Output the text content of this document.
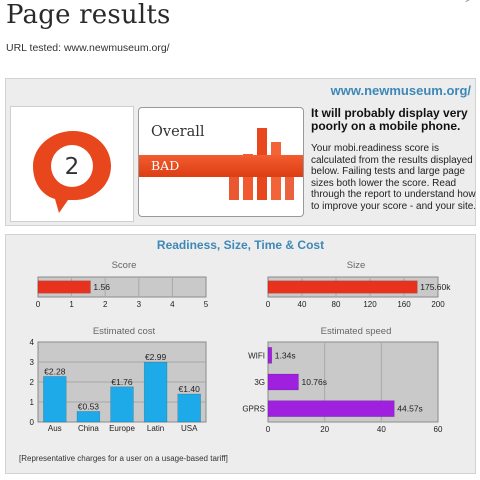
Page results
URL tested: www.newmuseum.org/
www.newmuseum.org/
2
Overall
BAD
It will probably display very poorly on a mobile phone.
Your mobi.readiness score is calculated from the results displayed below. Failing tests and large page sizes both lower the score. Read through the report to understand how to improve your score - and your site.
Readiness, Size, Time & Cost
Score
0	1	2	3	4	5
1.56
Size
0	40	80	120	160	200
175.60k
Estimated cost
0
1
2
3
4
€2.28
Aus
€0.53
China
€1.76
Europe
€2.99
Latin
€1.40
USA
Estimated speed
0	20	40	60
1.34s
WIFI
10.76s
3G
44.57s
GPRS
[Representative charges for a user on a usage-based tariff]
